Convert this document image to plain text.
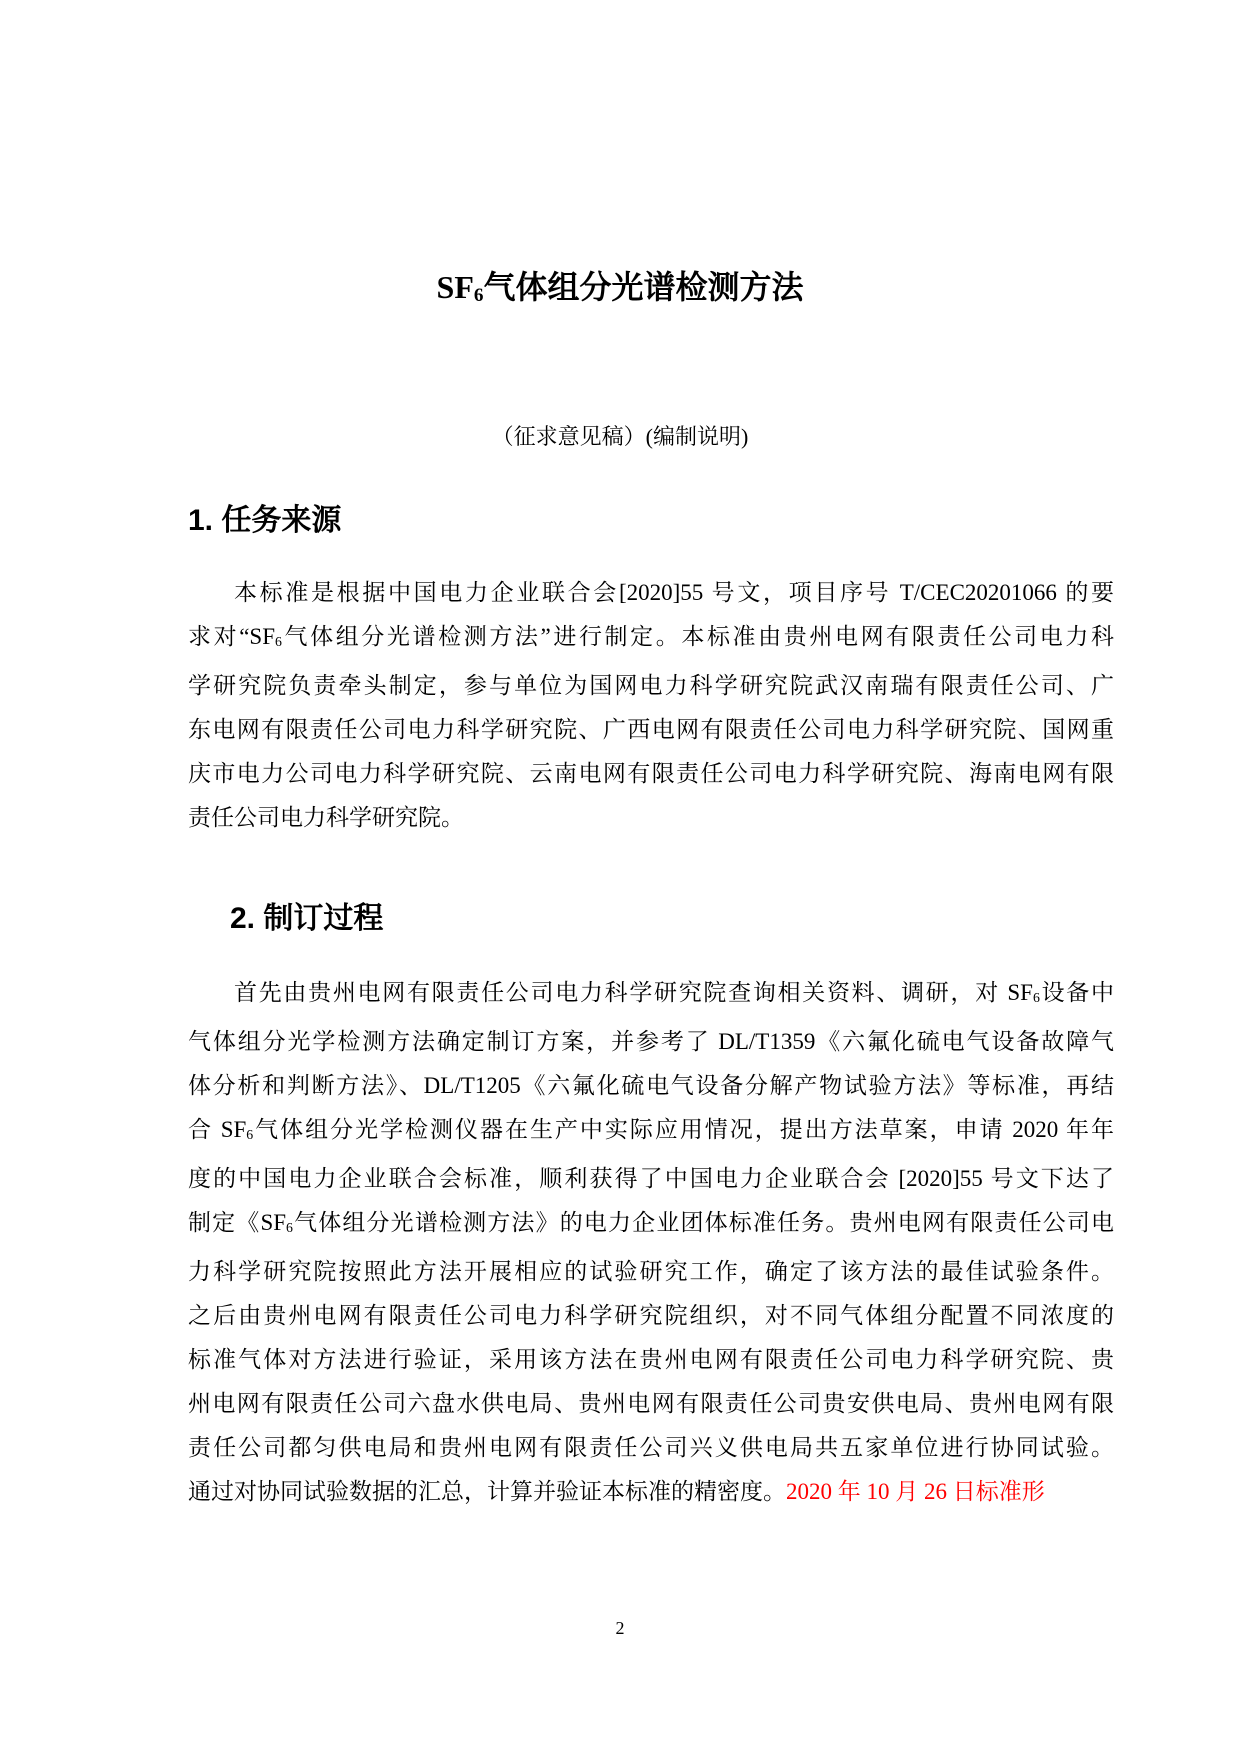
$SF_6$气体组分光谱检测方法
（征求意见稿）(编制说明)
1. 任务来源
本标准是根据中国电力企业联合会[2020]55 号文，项目序号 T/CEC20201066 的要
求对“$SF_6$气体组分光谱检测方法”进行制定。本标准由贵州电网有限责任公司电力科
学研究院负责牵头制定，参与单位为国网电力科学研究院武汉南瑞有限责任公司、广
东电网有限责任公司电力科学研究院、广西电网有限责任公司电力科学研究院、国网重
庆市电力公司电力科学研究院、云南电网有限责任公司电力科学研究院、海南电网有限
责任公司电力科学研究院。
2. 制订过程
首先由贵州电网有限责任公司电力科学研究院查询相关资料、调研，对 $SF_6$设备中
气体组分光学检测方法确定制订方案，并参考了 DL/T1359《六氟化硫电气设备故障气
体分析和判断方法》、DL/T1205《六氟化硫电气设备分解产物试验方法》等标准，再结
合 $SF_6$气体组分光学检测仪器在生产中实际应用情况，提出方法草案，申请 2020 年年
度的中国电力企业联合会标准，顺利获得了中国电力企业联合会 [2020]55 号文下达了
制定《$SF_6$气体组分光谱检测方法》的电力企业团体标准任务。贵州电网有限责任公司电
力科学研究院按照此方法开展相应的试验研究工作，确定了该方法的最佳试验条件。
之后由贵州电网有限责任公司电力科学研究院组织，对不同气体组分配置不同浓度的
标准气体对方法进行验证，采用该方法在贵州电网有限责任公司电力科学研究院、贵
州电网有限责任公司六盘水供电局、贵州电网有限责任公司贵安供电局、贵州电网有限
责任公司都匀供电局和贵州电网有限责任公司兴义供电局共五家单位进行协同试验。
通过对协同试验数据的汇总，计算并验证本标准的精密度。2020 年 10 月 26 日标准形
2
